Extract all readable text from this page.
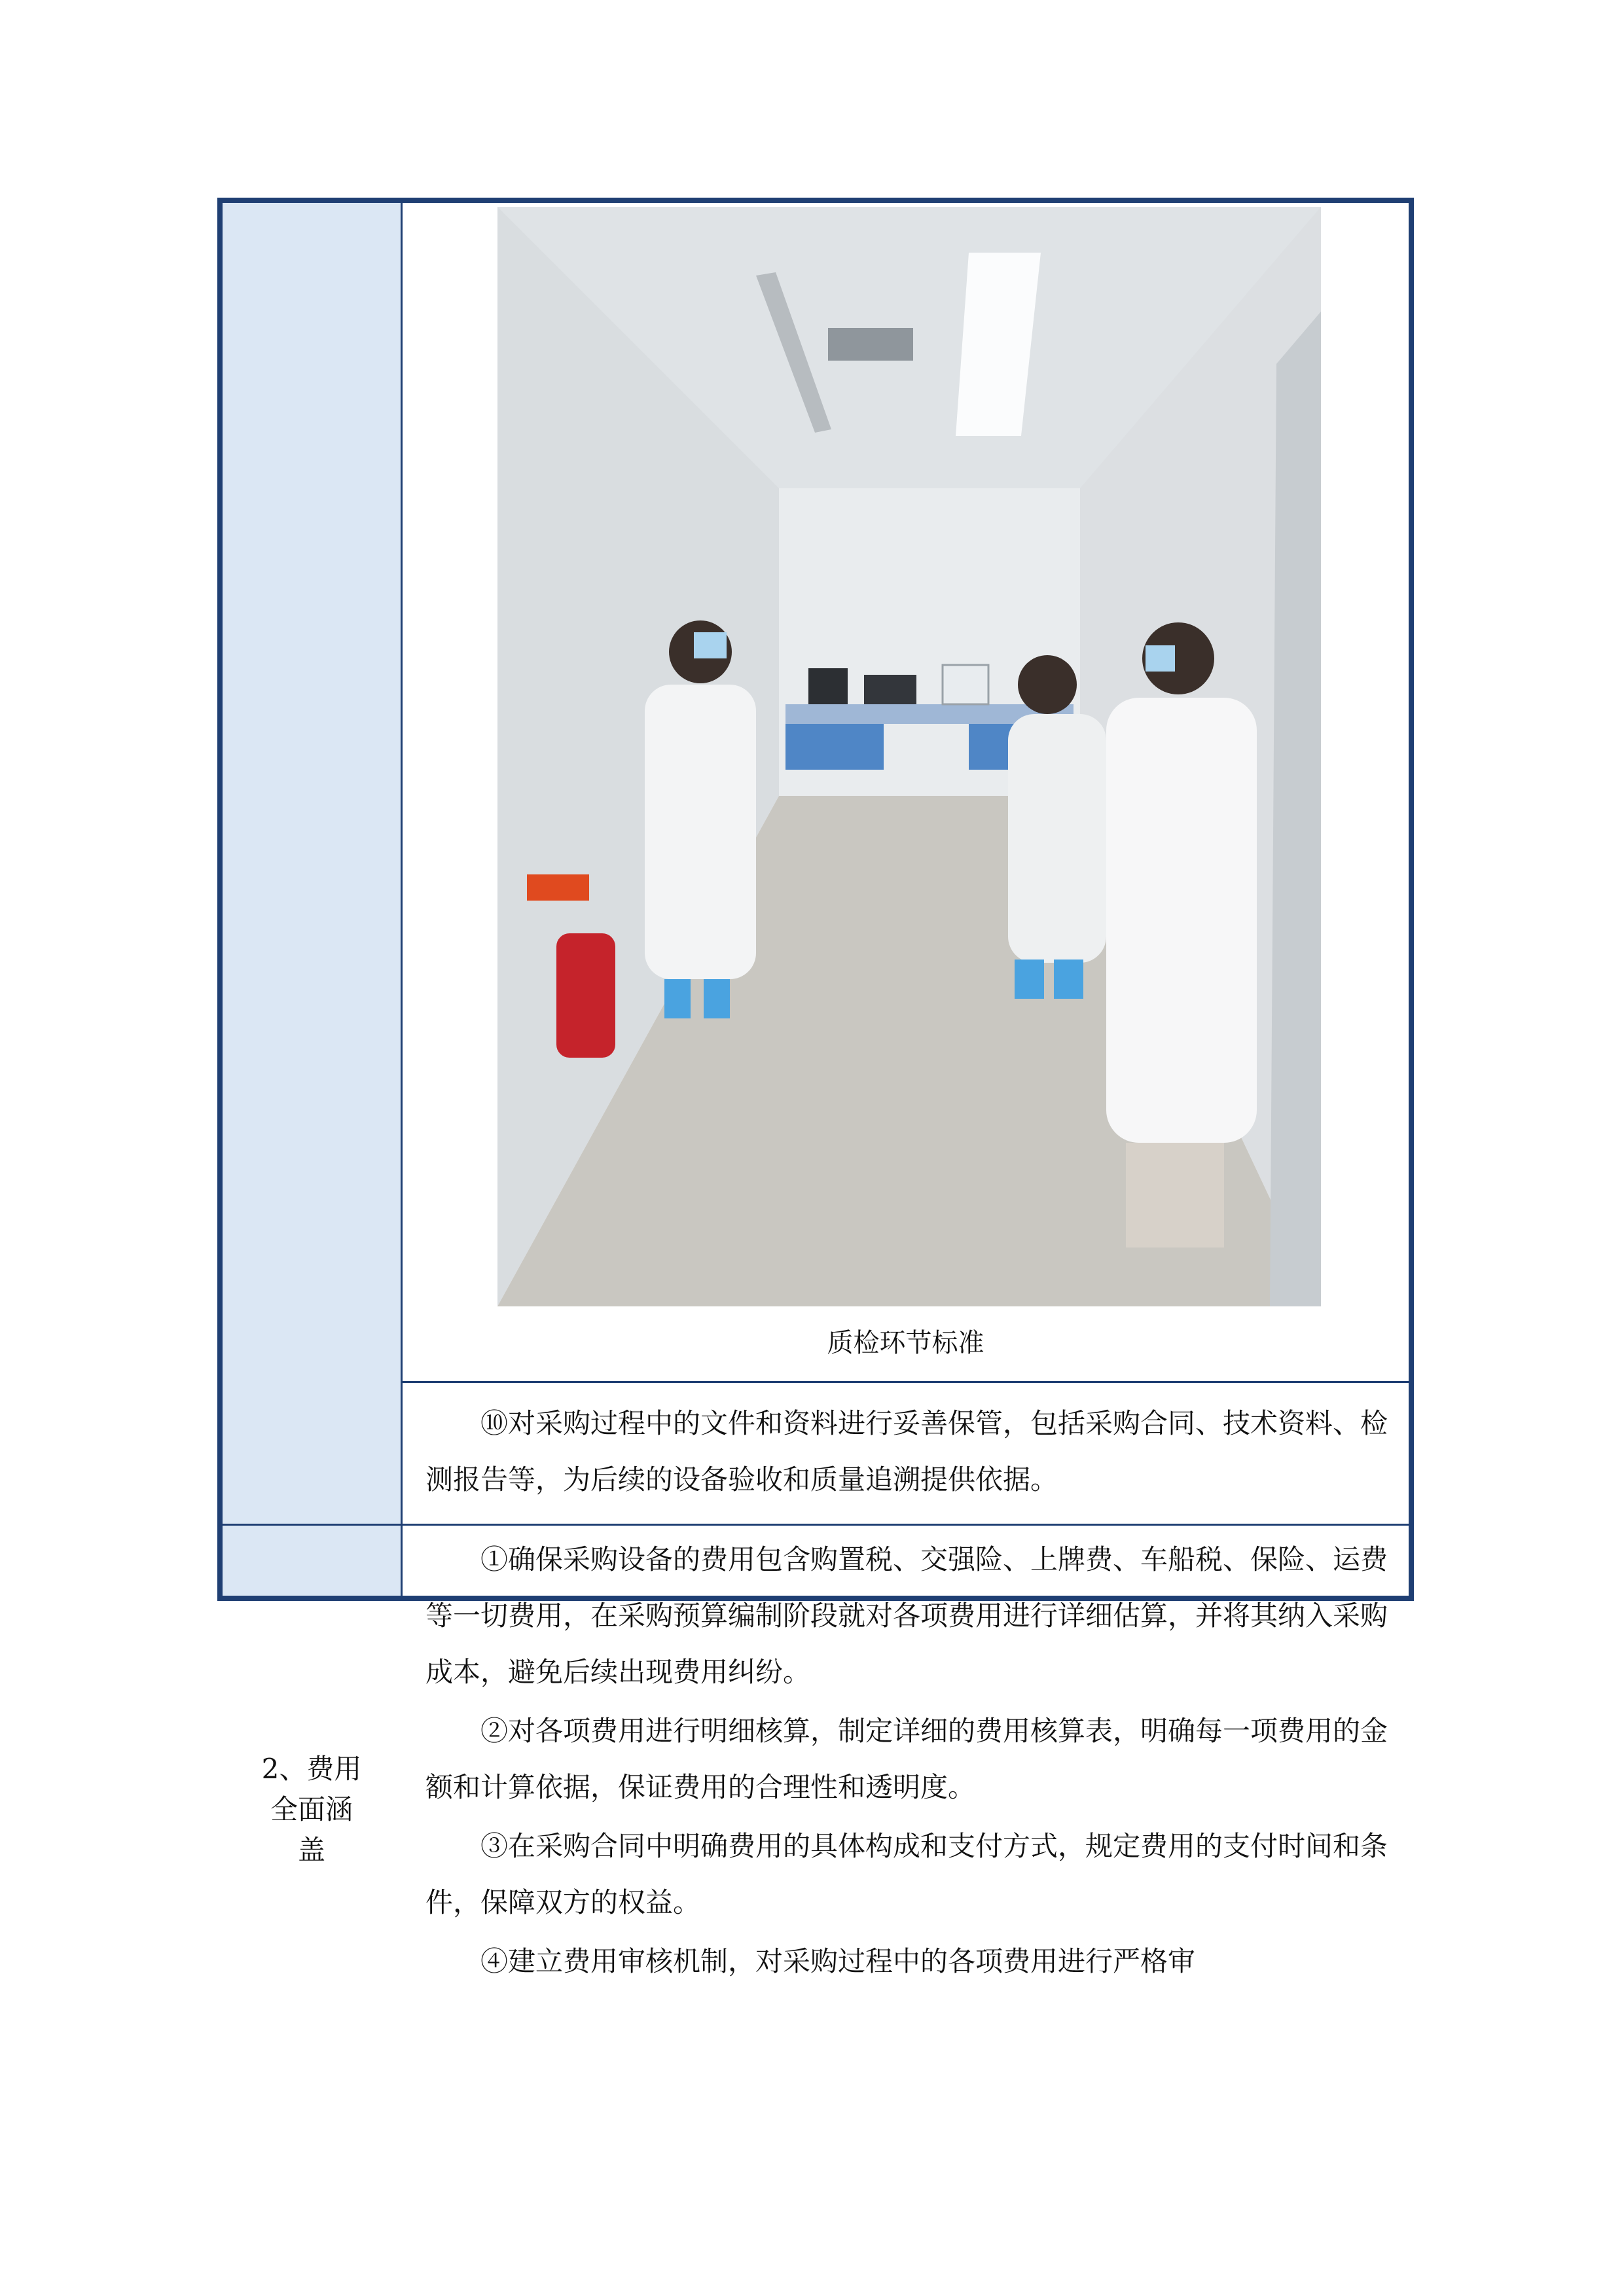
质检环节标准

⑩对采购过程中的文件和资料进行妥善保管，包括采购合同、技术资料、检测报告等，为后续的设备验收和质量追溯提供依据。

2、费用
全面涵
盖

①确保采购设备的费用包含购置税、交强险、上牌费、车船税、保险、运费等一切费用，在采购预算编制阶段就对各项费用进行详细估算，并将其纳入采购成本，避免后续出现费用纠纷。

②对各项费用进行明细核算，制定详细的费用核算表，明确每一项费用的金额和计算依据，保证费用的合理性和透明度。

③在采购合同中明确费用的具体构成和支付方式，规定费用的支付时间和条件，保障双方的权益。

④建立费用审核机制，对采购过程中的各项费用进行严格审
